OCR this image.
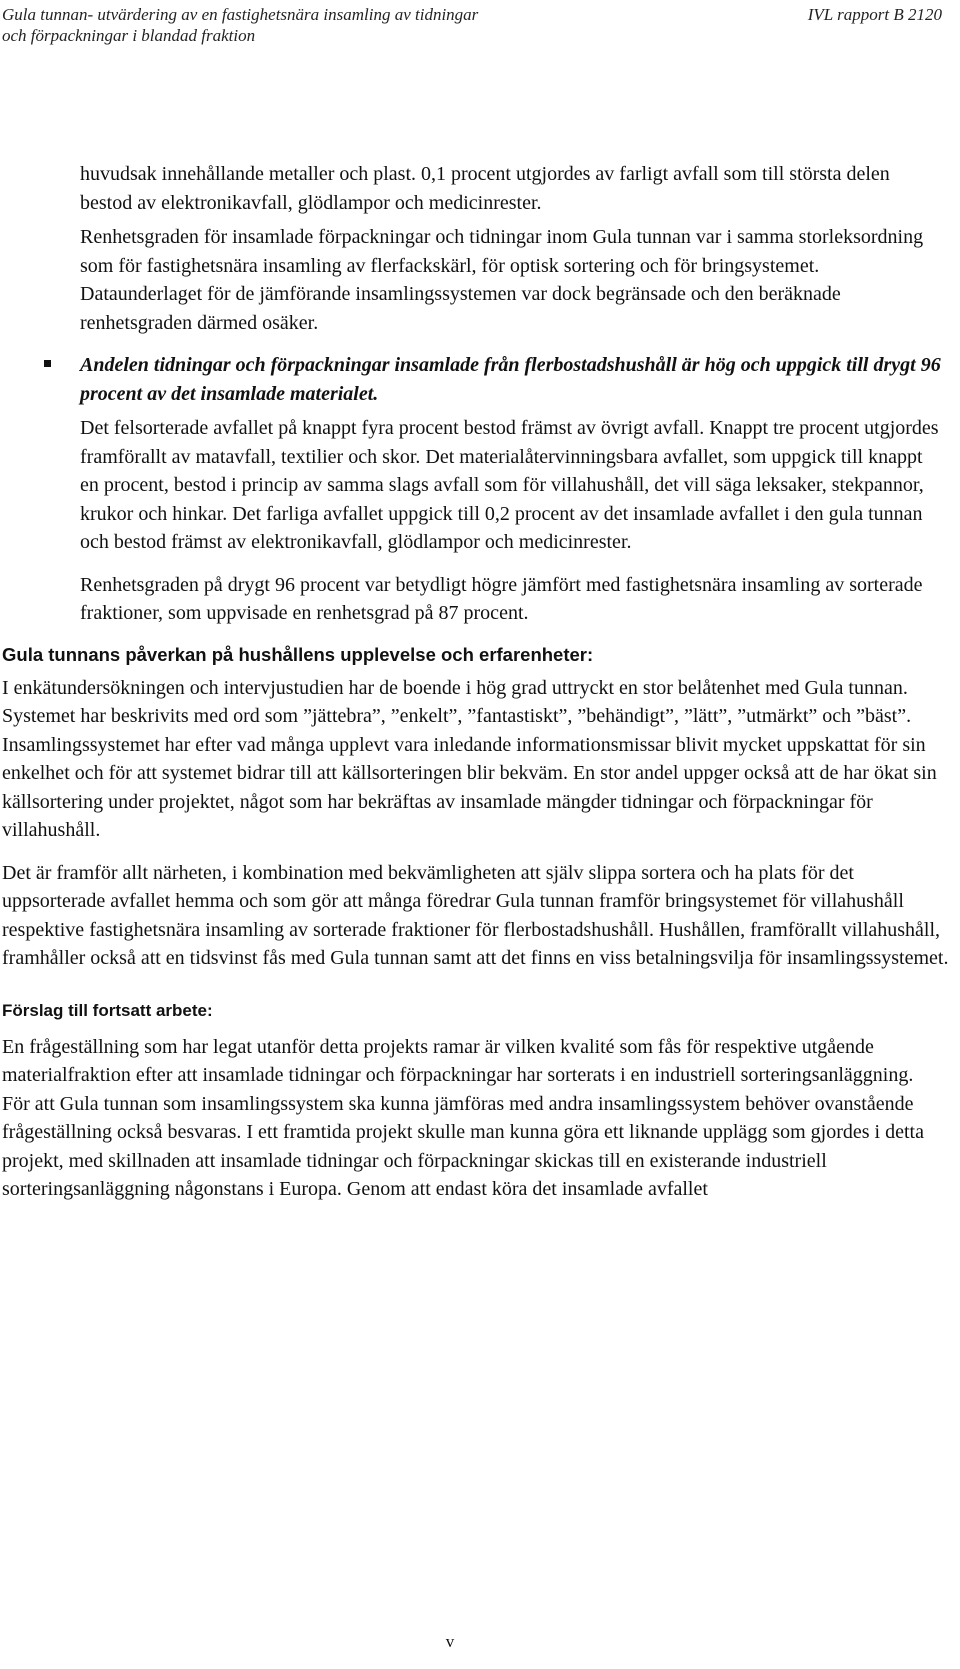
Gula tunnan- utvärdering av en fastighetsnära insamling av tidningar
och förpackningar i blandad fraktion
IVL rapport B 2120

huvudsak innehållande metaller och plast. 0,1 procent utgjordes av farligt avfall som till största delen bestod av elektronikavfall, glödlampor och medicinrester.

Renhetsgraden för insamlade förpackningar och tidningar inom Gula tunnan var i samma storleksordning som för fastighetsnära insamling av flerfackskärl, för optisk sortering och för bringsystemet. Dataunderlaget för de jämförande insamlingssystemen var dock begränsade och den beräknade renhetsgraden därmed osäker.

Andelen tidningar och förpackningar insamlade från flerbostadshushåll är hög och uppgick till drygt 96 procent av det insamlade materialet.

Det felsorterade avfallet på knappt fyra procent bestod främst av övrigt avfall. Knappt tre procent utgjordes framförallt av matavfall, textilier och skor. Det materialåtervinningsbara avfallet, som uppgick till knappt en procent, bestod i princip av samma slags avfall som för villahushåll, det vill säga leksaker, stekpannor, krukor och hinkar. Det farliga avfallet uppgick till 0,2 procent av det insamlade avfallet i den gula tunnan och bestod främst av elektronikavfall, glödlampor och medicinrester.

Renhetsgraden på drygt 96 procent var betydligt högre jämfört med fastighetsnära insamling av sorterade fraktioner, som uppvisade en renhetsgrad på 87 procent.

Gula tunnans påverkan på hushållens upplevelse och erfarenheter:

I enkätundersökningen och intervjustudien har de boende i hög grad uttryckt en stor belåtenhet med Gula tunnan. Systemet har beskrivits med ord som ”jättebra”, ”enkelt”, ”fantastiskt”, ”behändigt”, ”lätt”, ”utmärkt” och ”bäst”. Insamlingssystemet har efter vad många upplevt vara inledande informationsmissar blivit mycket uppskattat för sin enkelhet och för att systemet bidrar till att källsorteringen blir bekväm. En stor andel uppger också att de har ökat sin källsortering under projektet, något som har bekräftas av insamlade mängder tidningar och förpackningar för villahushåll.

Det är framför allt närheten, i kombination med bekvämligheten att själv slippa sortera och ha plats för det uppsorterade avfallet hemma och som gör att många föredrar Gula tunnan framför bringsystemet för villahushåll respektive fastighetsnära insamling av sorterade fraktioner för flerbostadshushåll. Hushållen, framförallt villahushåll, framhåller också att en tidsvinst fås med Gula tunnan samt att det finns en viss betalningsvilja för insamlingssystemet.

Förslag till fortsatt arbete:

En frågeställning som har legat utanför detta projekts ramar är vilken kvalité som fås för respektive utgående materialfraktion efter att insamlade tidningar och förpackningar har sorterats i en industriell sorteringsanläggning.

För att Gula tunnan som insamlingssystem ska kunna jämföras med andra insamlingssystem behöver ovanstående frågeställning också besvaras. I ett framtida projekt skulle man kunna göra ett liknande upplägg som gjordes i detta projekt, med skillnaden att insamlade tidningar och förpackningar skickas till en existerande industriell sorteringsanläggning någonstans i Europa. Genom att endast köra det insamlade avfallet

v
